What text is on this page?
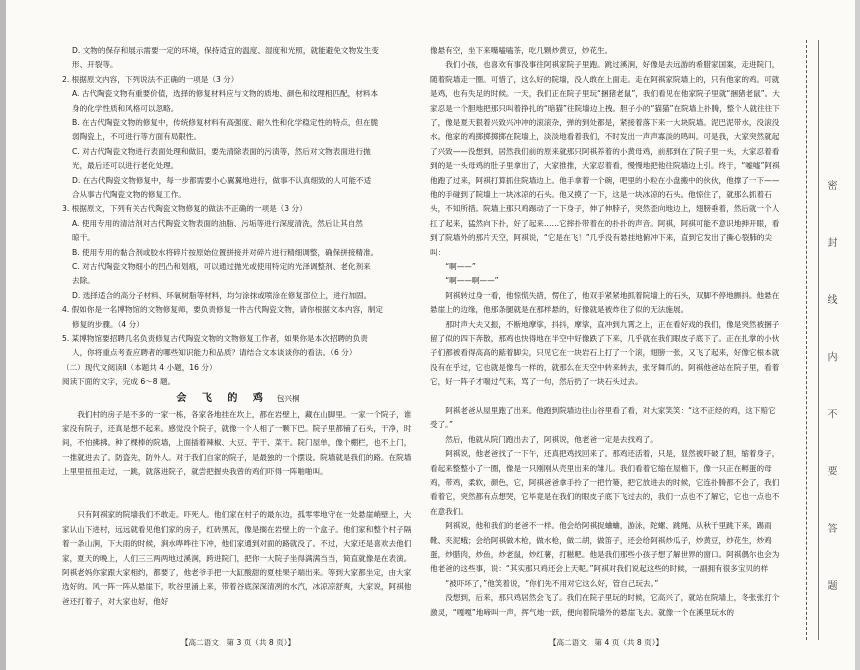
D. 文物的保存和展示需要一定的环境，保持适宜的温度、湿度和光照，就能避免文物发生变
形、开裂等。
2. 根据原文内容，下列说法不正确的一项是（3 分）
A. 古代陶瓷文物有重要价值，选择的修复材料应与文物的质地、颜色和纹理相匹配，材料本
身的化学性质和风格可以忽略。
B. 在古代陶瓷文物的修复中，传统修复材料有高强度、耐久性和化学稳定性的特点，但在脆
弱陶瓷上，不可进行等方面有局限性。
C. 对古代陶瓷文物进行表面处理和做旧，要先清除表面的污渍等，然后对文物表面进行抛
光，最后还可以进行老化处理。
D. 在古代陶瓷文物修复中，每一步都需要小心翼翼地进行，做事不认真细致的人可能不适
合从事古代陶瓷文物的修复工作。
3. 根据原文，下列有关古代陶瓷文物修复的做法不正确的一项是（3 分）
A. 使用专用的清洁剂对古代陶瓷文物表面的油脂、污垢等进行深度清洗，然后让其自然
晾干。
B. 使用专用的黏合剂或胶水将碎片按原始位置拼接并对碎片进行精细调整，确保拼接精准。
C. 对古代陶瓷文物细小的凹凸和划痕，可以通过抛光或使用特定的光泽调整剂、老化剂来
去除。
D. 选择适合的高分子材料、环氧树脂等材料，均匀涂抹或喷涂在修复部位上，进行加固。
4. 假如你是一名博物馆的文物修复师，要负责修复一件古代陶瓷文物，请你根据文本内容，制定
修复的步骤。（4 分）
5. 某博物馆要招聘几名负责修复古代陶瓷文物的文物修复工作者，如果你是本次招聘的负责
人，你将重点考查应聘者的哪些知识能力和品质？请结合文本谈谈你的看法。（6 分）
（二）现代文阅读Ⅱ（本题共 4 小题，16 分）
阅读下面的文字，完成 6～8 题。
会 飞 的 鸡 包兴桐
我们村的房子是不多的一家一栋，各家各地挂在坎上，都在岩壁上，藏在山脚里。一家一个院子，谁家没有院子，还真是想不起来。感觉没个院子，就像一个人相了一颗下巴。院子里都铺了石头，干净，时间，不怕拂拂。种了棵棒的院墙，上面插着辣椒、大豆、芋干、菜干。院门屋单，像个棚栏，也不上门，一推就进去了。防盗先，防外人。对于我们自家的院子，是最独的一个摆设。院墙就是我们的路。在院墙上里里扭扭走过，一跳，就落进院子，就尝把握央我曾的鸡们吓得一阵啪啪叫。
只有阿祺家的院墙我们不敢走。吓死人。他们家在村子的最东边，孤零零地守在一处悬崖峭壁上，大家认山下进村，远远就看见他们家的房子，红砖黑瓦，像是搁在岩壁上的一个盒子。他们家和整个村子隔着一条山涧，下大雨的时候，涧水哗哗往下冲，他们家通到对面的路就没了。不过，大家还是喜欢去他们家，夏天的晚上，人们三三两两地过溪涧，跨进院门，把你一大院子坐得满满当当，简直就像是在表演。阿祺老妈你家跟大家相约，都要了，他老爷手把一大缸酸甜的夏桂果子端出来。等到大家都坐定，由大家选好的。风一阵一阵从悬崖下，吹谷里涌上来，带着谷底深深清冽的水汽，冰凉凉舒爽，大家说，阿祺他爸还打着子，对大家也好，他好
【高二语文　第 3 页（共 8 页）】
像悬有空，坐下来嘴嗑嗑茶，吃几颗炒黄豆，炒花生。
我们小孩，也喜欢有事没事往阿祺家院子里跑。跳过溪涧，好像是去远游的希腊家国案，走进院门，随着院墙走一圈。可惜了，这么好的院墙，没人敢在上面走。走在阿祺家院墙上的，只有他家的鸡。可就是鸡，也有失足的时候。一天，我们正在院子里玩“捆猪老鼠”，我们看见在他家院子里就“捆猪老鼠”。大家忍是一个胆地把那只叫着挣扎的“暗猫”往院墙边上拽。胆子小的“猫猫”在院墙上扑腾，整个人就往往下了，像是夏天狠着兴致兴冲冲的滚滚杂，弹的到处都是，紧接着落下来一大块院墙。泥巴泥带水，没滚没水。他家的鸡掷掷掷掷在院墙上，淡淡地看着我们，不时发出一声声寡淡的鸣叫。可是我，大家突然就起了兴致——没想到，居然我们前的原来就那只阿祺养着的小黄母鸡，前那到在了院子里一头，大家忍着看到的是一头母鸡的肚子里拿出了，大家推推，大家忍着看，慢慢地把他往院墙边上引。终于，“嘘嘘”阿祺他跑了过来，阿祺打算抓住院墙边上。他手拿着一个碗，吧里的小粒在小盘搬中的伙伙，他撑了一下——他的手碰到了院墙上一块冰凉的石头。他又摸了一下，这是一块冰凉的石头。他惊住了，就那么抓着石头，不知所措。院墙上那只鸡踢动了一下身子，伸了伸脖子，突然歪向地边上，翅膀垂着，然后就一个人扛了起来，猛然向下扑，好了起来……它摔扑带着在的扑扑的声音。阿祺，阿祺可能不意识地抻开眼，看到了院墙外的那片天空，阿祺说，“它是在飞！”几乎没有悬挂地俯冲下来，直到它发出了撕心裂肺的尖叫：
“啊——”
“啊——啊——”
阿祺转过身一看，他惊慌失措，愣住了，他双手紧紧地抓着院墙上的石头，双脚不停地颤抖。他悬在悬崖上的边缘，他那条腿就是在那样悬的，好像就是被炸住了似的无法施展。
那时声大夫又振，不断地摩挲，抖抖，摩挲，直冲到九霄之上，正在看好戏的我们，像是突然被捆子留了似的四下奔散，那鸡也快得地在半空中好像跌了下来，几乎就在我们眼皮子底下了。正在扎掌的小伙子们都被看得高高的踮着脚尖，只见它在一块岩石上打了一个滚，翅膀一张，又飞了起来，好像它根本就没有在乎过，它也就是像鸟一样的，就那么在天空中转来转去，张牙舞爪的。阿祺他爸站在院子里，看着它，好一阵子才喘过气来，骂了一句，然后扔了一块石头过去。
阿祺老爸从屋里跑了出来。他跑到院墙边往山谷里看了看，对大家笑笑：“这不正经的鸡，这下赔它受了。”
然后，他就从院门跑出去了，阿祺说，他老爸一定是去找鸡了。
阿祺说，他老爸找了一下午，还真把鸡找回来了。那鸡还活着，只是，显然被吓破了胆，缩着身子，看起来整整小了一圈，像是一只刚刚从壳里出来的雏儿。我们看着它缩在屋檐下，像一只正在孵蛋的母鸡，带鸡，柔软，颜色，它，阿祺爸爸拿手拎了一把竹篓，把它放进去的时候，它连扑腾都不会了，我们看着它，突然都有点想哭，它毕竟是在我们的眼皮子底下飞过去的，我们一点也不了解它，它也一点也不在意我们。
阿祺说，他和我们的老爸不一样。他会给阿祺捉蛐蛐，游泳，陀螺、跳绳、从秋千里跳下来，踢雨靴、夹泥蛾；会给阿祺做木枪，做水枪，做二胡，做笛子，还会给阿祺炒瓜子，炒黄豆，炒花生，炒鸡蛋，炒腊肉，炒鱼，炒老鼠，炒红薯，打糍粑。他是我们那些小孩子想了解世界的窗口。阿祺偶尔也会为他老爸的这些事，说：“其实那只鸡还会上天呢。”阿祺对我们说起这些的时候，一副拥有很多宝贝的样
“被吓坏了，”他笑着说，“你们先不用对它这么好，管自己玩去。”
没想到，后来，那只鸡居然会飞了。我们在院子里玩的时候，它高兴了，就站在院墙上，冬张张打个激灵，“嘎嘎”地啼叫一声，挥气地一跃，便向着院墙外的悬崖飞去。就像一个在溪里玩水的
【高二语文　第 4 页（共 8 页）】
密 封 线 内 不 要 答 题
